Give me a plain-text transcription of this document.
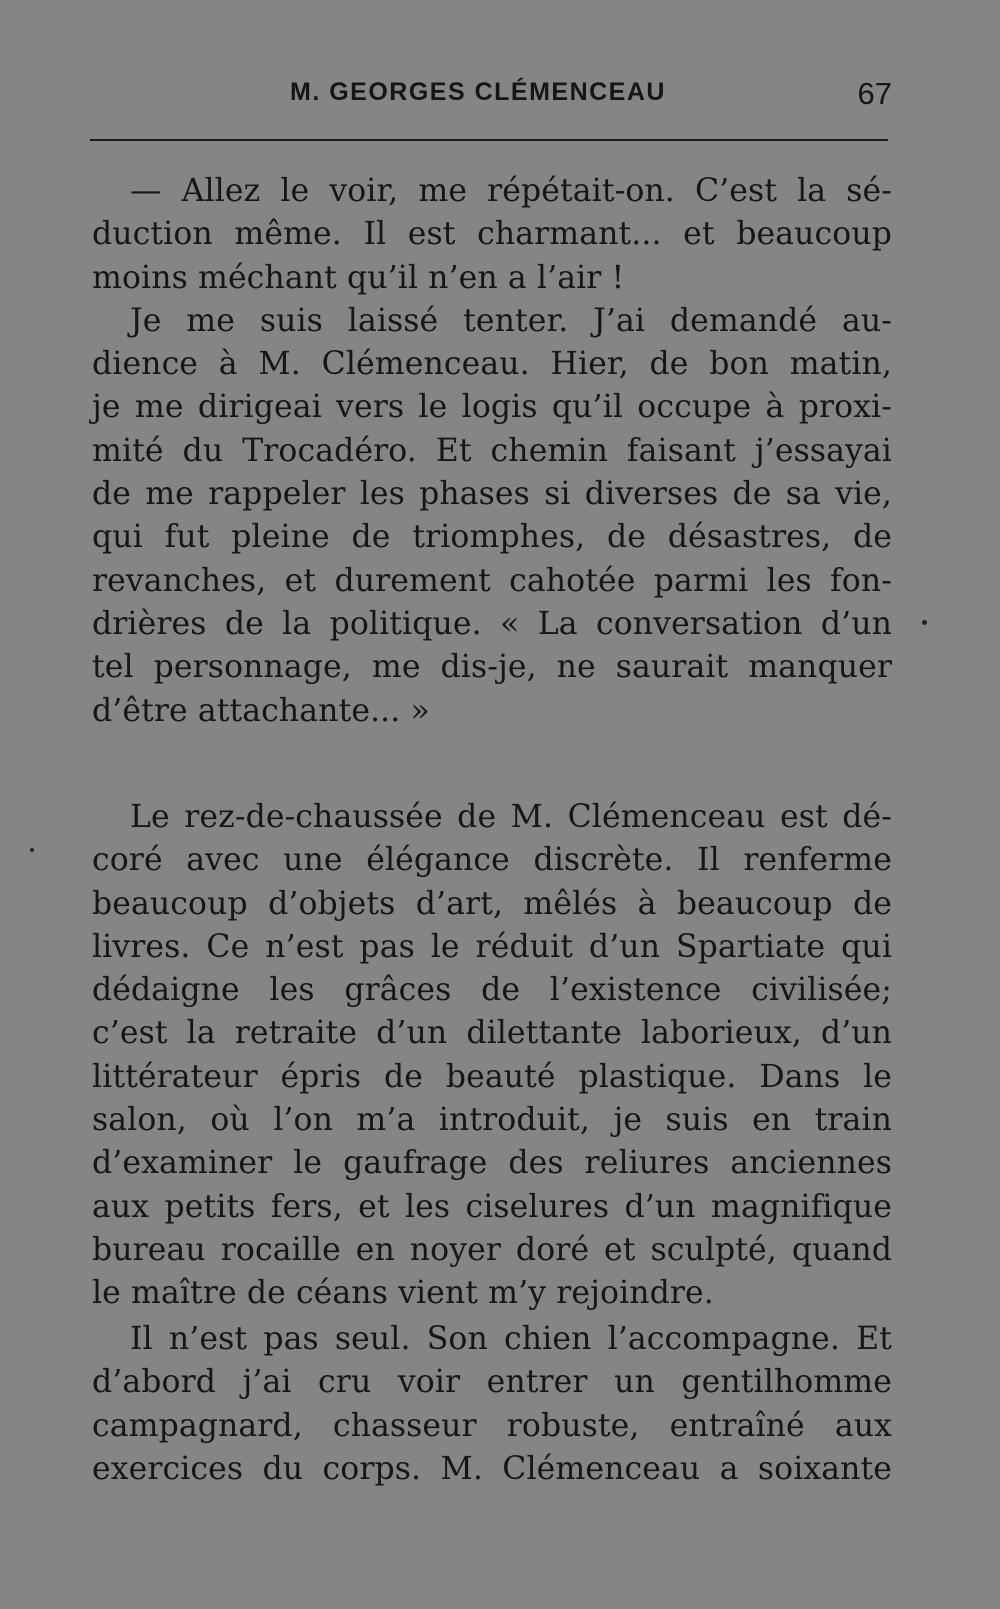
M. GEORGES CLÉMENCEAU	67
— Allez le voir, me répétait-on. C’est la sé-
duction même. Il est charmant... et beaucoup
moins méchant qu’il n’en a l’air !
Je me suis laissé tenter. J’ai demandé au-
dience à M. Clémenceau. Hier, de bon matin,
je me dirigeai vers le logis qu’il occupe à proxi-
mité du Trocadéro. Et chemin faisant j’essayai
de me rappeler les phases si diverses de sa vie,
qui fut pleine de triomphes, de désastres, de
revanches, et durement cahotée parmi les fon-
drières de la politique. « La conversation d’un
tel personnage, me dis-je, ne saurait manquer
d’être attachante... »
Le rez-de-chaussée de M. Clémenceau est dé-
coré avec une élégance discrète. Il renferme
beaucoup d’objets d’art, mêlés à beaucoup de
livres. Ce n’est pas le réduit d’un Spartiate qui
dédaigne les grâces de l’existence civilisée;
c’est la retraite d’un dilettante laborieux, d’un
littérateur épris de beauté plastique. Dans le
salon, où l’on m’a introduit, je suis en train
d’examiner le gaufrage des reliures anciennes
aux petits fers, et les ciselures d’un magnifique
bureau rocaille en noyer doré et sculpté, quand
le maître de céans vient m’y rejoindre.
Il n’est pas seul. Son chien l’accompagne. Et
d’abord j’ai cru voir entrer un gentilhomme
campagnard, chasseur robuste, entraîné aux
exercices du corps. M. Clémenceau a soixante
